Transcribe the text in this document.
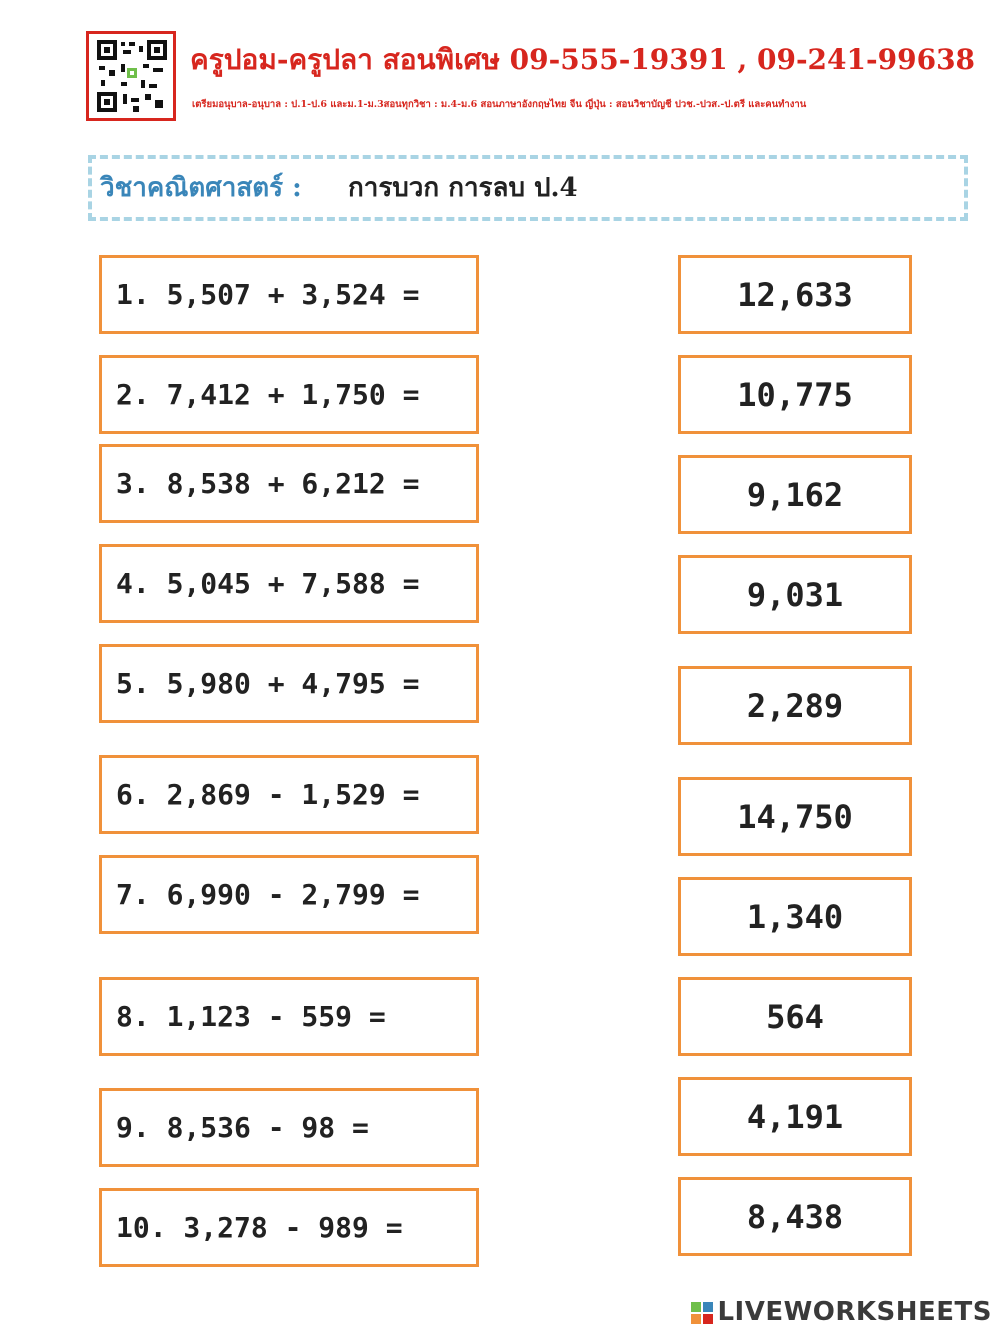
ครูปอม-ครูปลา สอนพิเศษ 09-555-19391 , 09-241-99638
เตรียมอนุบาล-อนุบาล : ป.1-ป.6 และม.1-ม.3สอนทุกวิชา : ม.4-ม.6 สอนภาษาอังกฤษไทย จีน ญี่ปุ่น : สอนวิชาบัญชี ปวช.-ปวส.-ป.ตรี และคนทำงาน
วิชาคณิตศาสตร์ : การบวก การลบ ป.4
1. 5,507 + 3,524 =
2. 7,412 + 1,750 =
3. 8,538 + 6,212 =
4. 5,045 + 7,588 =
5. 5,980 + 4,795 =
6. 2,869 - 1,529 =
7. 6,990 - 2,799 =
8. 1,123 - 559 =
9. 8,536 - 98 =
10. 3,278 - 989 =
12,633
10,775
9,162
9,031
2,289
14,750
1,340
564
4,191
8,438
LIVEWORKSHEETS
